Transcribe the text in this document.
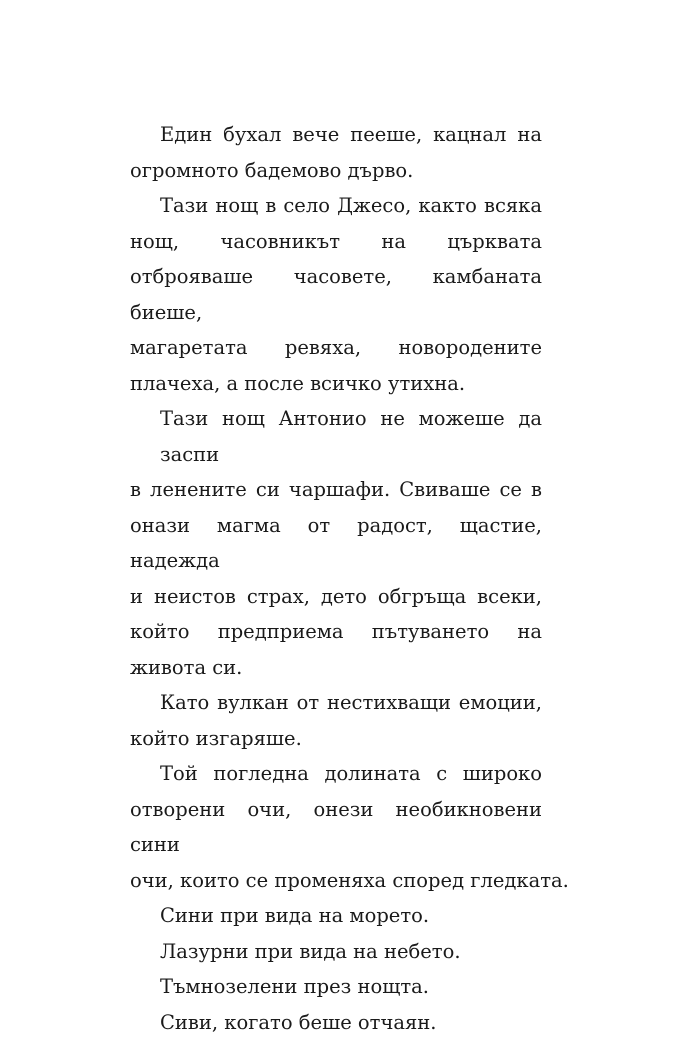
Един бухал вече пееше, кацнал на
огромното бадемово дърво.
Тази нощ в село Джесо, както всяка
нощ, часовникът на църквата
отброяваше часовете, камбаната биеше,
магаретата ревяха, новородените
плачеха, а после всичко утихна.
Тази нощ Антонио не можеше да заспи
в ленените си чаршафи. Свиваше се в
онази магма от радост, щастие, надежда
и неистов страх, дето обгръща всеки,
който предприема пътуването на
живота си.
Като вулкан от нестихващи емоции,
който изгаряше.
Той погледна долината с широко
отворени очи, онези необикновени сини
очи, които се променяха според гледката.
Сини при вида на морето.
Лазурни при вида на небето.
Тъмнозелени през нощта.
Сиви, когато беше отчаян.
